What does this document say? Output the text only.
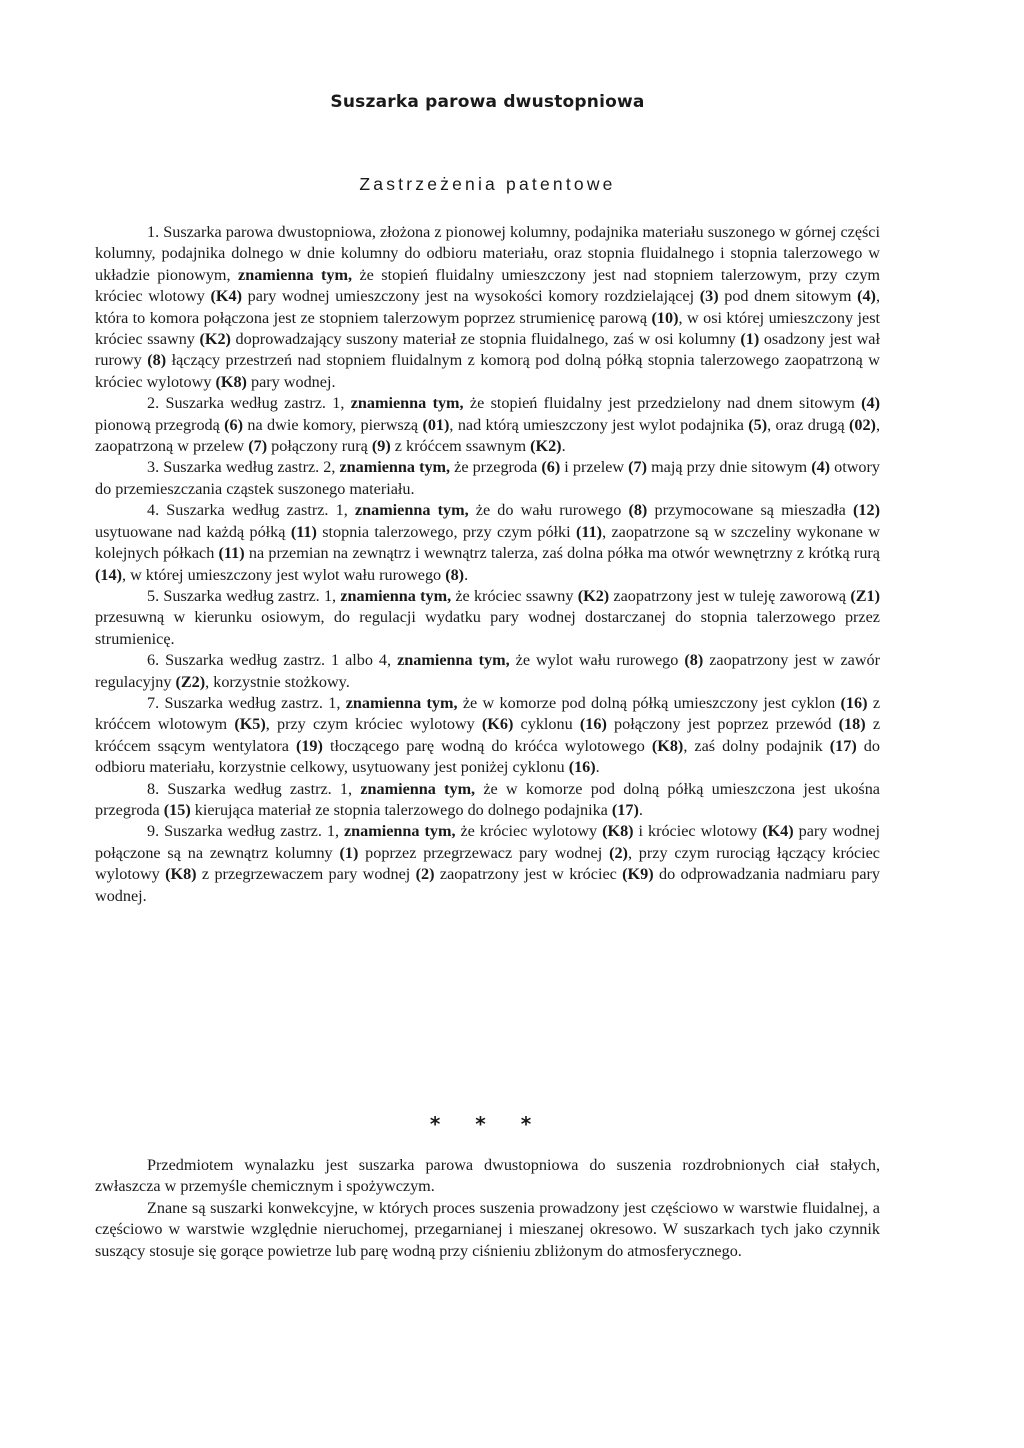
Suszarka parowa dwustopniowa
Zastrzeżenia patentowe

1. Suszarka parowa dwustopniowa, złożona z pionowej kolumny, podajnika materiału suszonego w górnej części kolumny, podajnika dolnego w dnie kolumny do odbioru materiału, oraz stopnia fluidalnego i stopnia talerzowego w układzie pionowym, znamienna tym, że stopień fluidalny umieszczony jest nad stopniem talerzowym, przy czym króciec wlotowy (K4) pary wodnej umieszczony jest na wysokości komory rozdzielającej (3) pod dnem sitowym (4), która to komora połączona jest ze stopniem talerzowym poprzez strumienicę parową (10), w osi której umieszczony jest króciec ssawny (K2) doprowadzający suszony materiał ze stopnia fluidalnego, zaś w osi kolumny (1) osadzony jest wał rurowy (8) łączący przestrzeń nad stopniem fluidalnym z komorą pod dolną półką stopnia talerzowego zaopatrzoną w króciec wylotowy (K8) pary wodnej.

2. Suszarka według zastrz. 1, znamienna tym, że stopień fluidalny jest przedzielony nad dnem sitowym (4) pionową przegrodą (6) na dwie komory, pierwszą (01), nad którą umieszczony jest wylot podajnika (5), oraz drugą (02), zaopatrzoną w przelew (7) połączony rurą (9) z króćcem ssawnym (K2).

3. Suszarka według zastrz. 2, znamienna tym, że przegroda (6) i przelew (7) mają przy dnie sitowym (4) otwory do przemieszczania cząstek suszonego materiału.

4. Suszarka według zastrz. 1, znamienna tym, że do wału rurowego (8) przymocowane są mieszadła (12) usytuowane nad każdą półką (11) stopnia talerzowego, przy czym półki (11), zaopatrzone są w szczeliny wykonane w kolejnych półkach (11) na przemian na zewnątrz i wewnątrz talerza, zaś dolna półka ma otwór wewnętrzny z krótką rurą (14), w której umieszczony jest wylot wału rurowego (8).

5. Suszarka według zastrz. 1, znamienna tym, że króciec ssawny (K2) zaopatrzony jest w tuleję zaworową (Z1) przesuwną w kierunku osiowym, do regulacji wydatku pary wodnej dostarczanej do stopnia talerzowego przez strumienicę.

6. Suszarka według zastrz. 1 albo 4, znamienna tym, że wylot wału rurowego (8) zaopatrzony jest w zawór regulacyjny (Z2), korzystnie stożkowy.

7. Suszarka według zastrz. 1, znamienna tym, że w komorze pod dolną półką umieszczony jest cyklon (16) z króćcem wlotowym (K5), przy czym króciec wylotowy (K6) cyklonu (16) połączony jest poprzez przewód (18) z króćcem ssącym wentylatora (19) tłoczącego parę wodną do króćca wylotowego (K8), zaś dolny podajnik (17) do odbioru materiału, korzystnie celkowy, usytuowany jest poniżej cyklonu (16).

8. Suszarka według zastrz. 1, znamienna tym, że w komorze pod dolną półką umieszczona jest ukośna przegroda (15) kierująca materiał ze stopnia talerzowego do dolnego podajnika (17).

9. Suszarka według zastrz. 1, znamienna tym, że króciec wylotowy (K8) i króciec wlotowy (K4) pary wodnej połączone są na zewnątrz kolumny (1) poprzez przegrzewacz pary wodnej (2), przy czym rurociąg łączący króciec wylotowy (K8) z przegrzewaczem pary wodnej (2) zaopatrzony jest w króciec (K9) do odprowadzania nadmiaru pary wodnej.

* * *

Przedmiotem wynalazku jest suszarka parowa dwustopniowa do suszenia rozdrobnionych ciał stałych, zwłaszcza w przemyśle chemicznym i spożywczym.

Znane są suszarki konwekcyjne, w których proces suszenia prowadzony jest częściowo w warstwie fluidalnej, a częściowo w warstwie względnie nieruchomej, przegarnianej i mieszanej okresowo. W suszarkach tych jako czynnik suszący stosuje się gorące powietrze lub parę wodną przy ciśnieniu zbliżonym do atmosferycznego.
